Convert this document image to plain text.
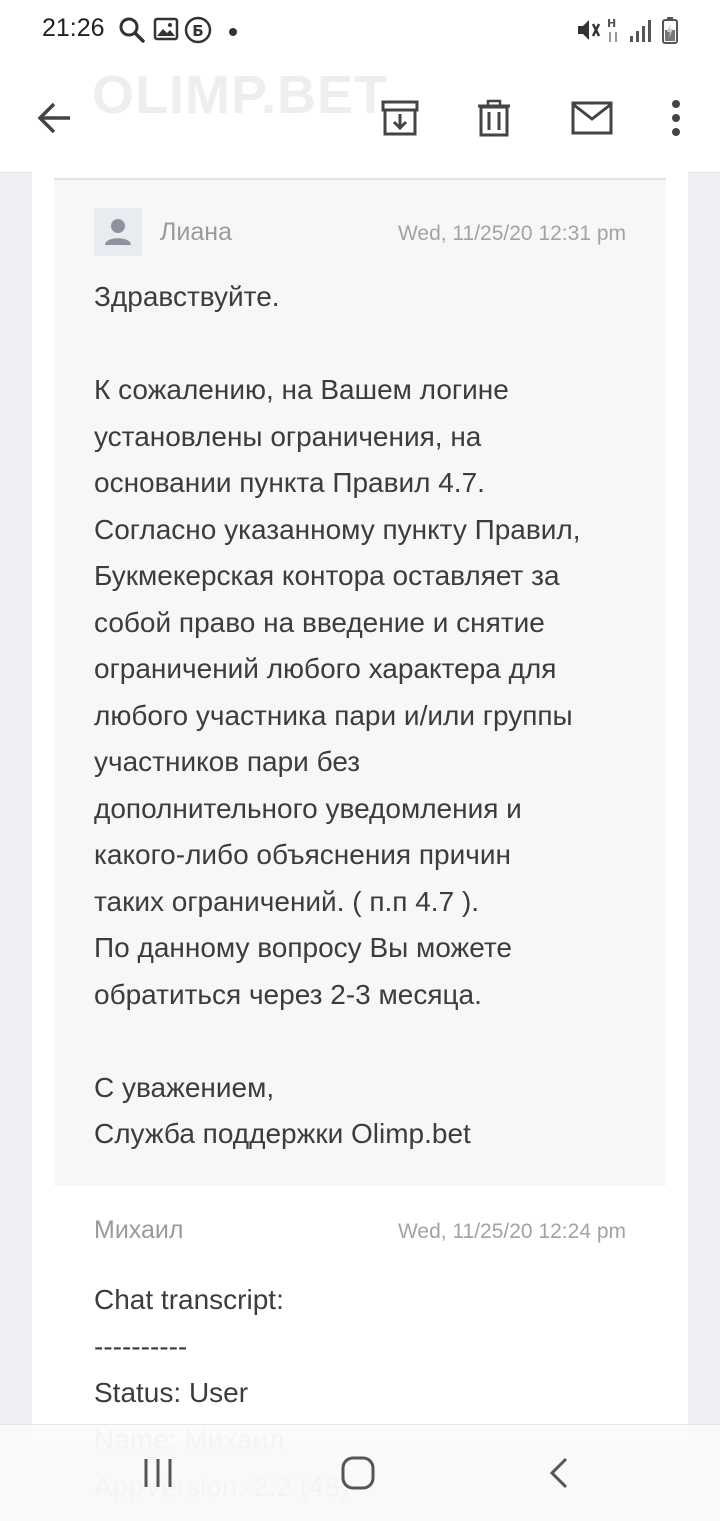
21:26	Б	H
OLIMP.BET
Лиана	Wed, 11/25/20 12:31 pm
Здравствуйте.
К сожалению, на Вашем логине
установлены ограничения, на
основании пункта Правил 4.7.
Согласно указанному пункту Правил,
Букмекерская контора оставляет за
собой право на введение и снятие
ограничений любого характера для
любого участника пари и/или группы
участников пари без
дополнительного уведомления и
какого-либо объяснения причин
таких ограничений. ( п.п 4.7 ).
По данному вопросу Вы можете
обратиться через 2-3 месяца.
С уважением,
Служба поддержки Olimp.bet
Михаил	Wed, 11/25/20 12:24 pm
Chat transcript:
----------
Status: User
